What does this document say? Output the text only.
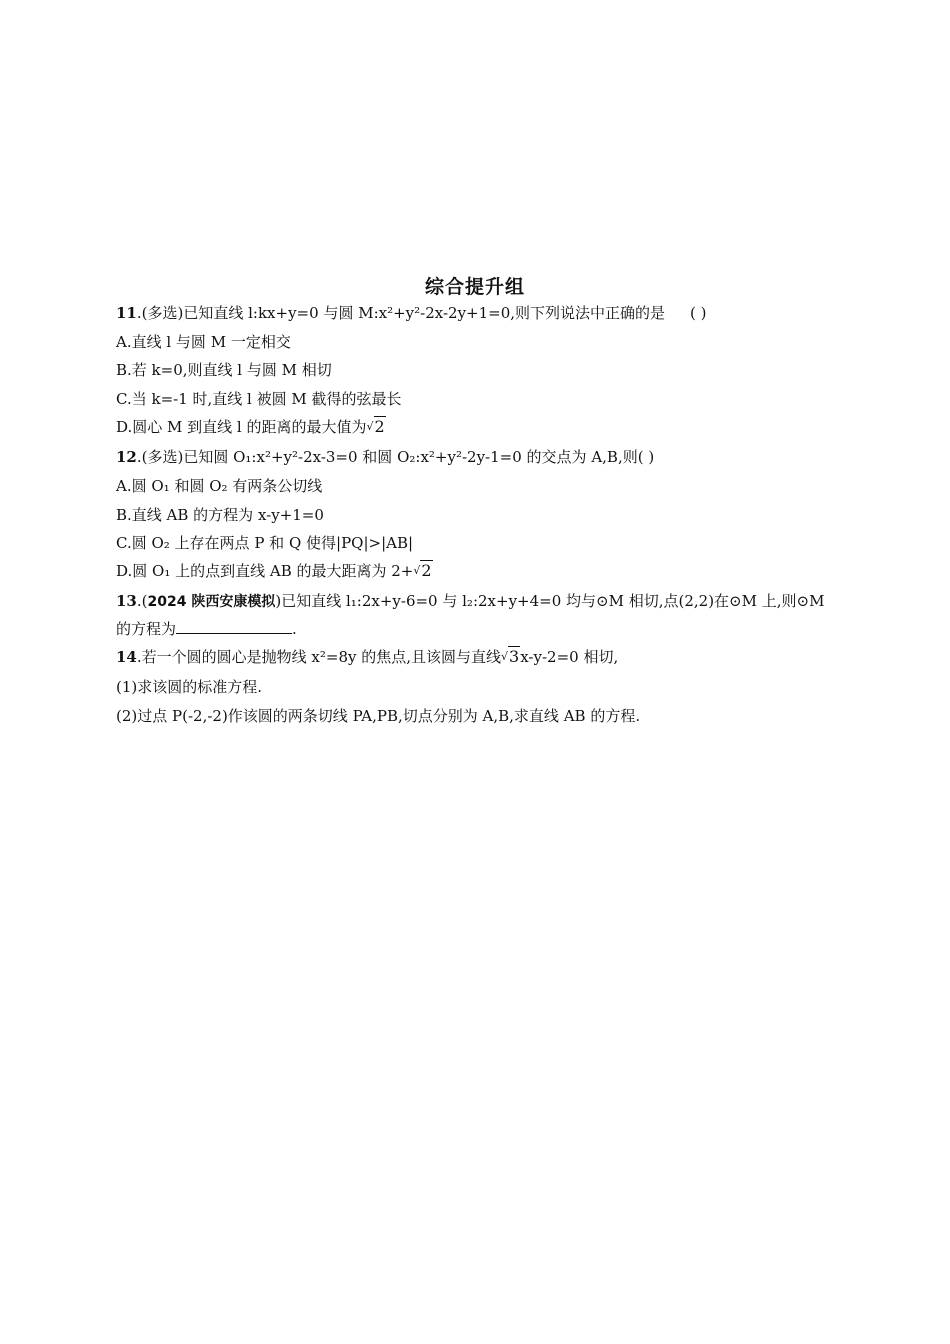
综合提升组
11.(多选)已知直线 l:kx+y=0 与圆 M:x²+y²-2x-2y+1=0,则下列说法中正确的是 ( )
A.直线 l 与圆 M 一定相交
B.若 k=0,则直线 l 与圆 M 相切
C.当 k=-1 时,直线 l 被圆 M 截得的弦最长
D.圆心 M 到直线 l 的距离的最大值为√2
12.(多选)已知圆 O₁:x²+y²-2x-3=0 和圆 O₂:x²+y²-2y-1=0 的交点为 A,B,则( )
A.圆 O₁ 和圆 O₂ 有两条公切线
B.直线 AB 的方程为 x-y+1=0
C.圆 O₂ 上存在两点 P 和 Q 使得|PQ|>|AB|
D.圆 O₁ 上的点到直线 AB 的最大距离为 2+√2
13.(2024 陕西安康模拟)已知直线 l₁:2x+y-6=0 与 l₂:2x+y+4=0 均与⊙M 相切,点(2,2)在⊙M 上,则⊙M
的方程为	.
14.若一个圆的圆心是抛物线 x²=8y 的焦点,且该圆与直线√3x-y-2=0 相切,
(1)求该圆的标准方程.
(2)过点 P(-2,-2)作该圆的两条切线 PA,PB,切点分别为 A,B,求直线 AB 的方程.
